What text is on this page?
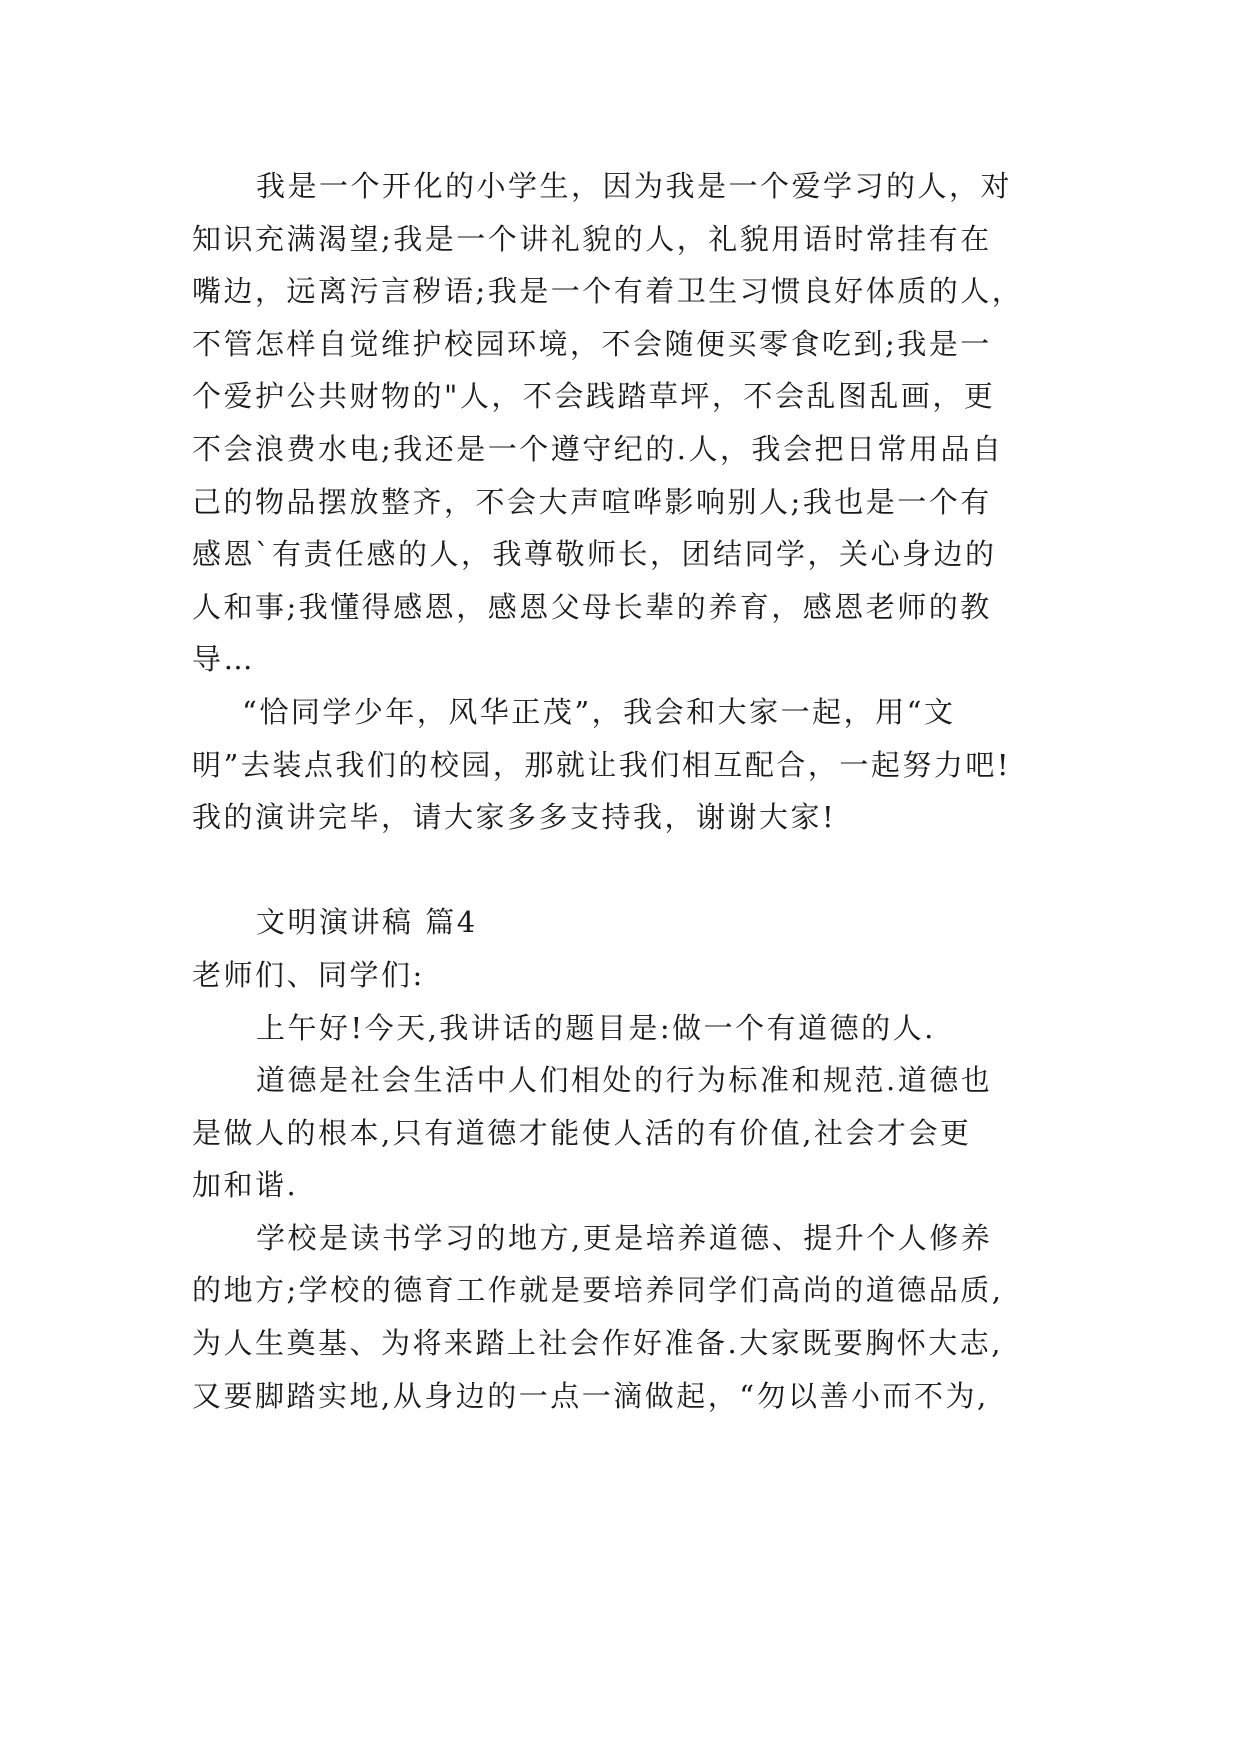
我是一个开化的小学生，因为我是一个爱学习的人，对
知识充满渴望;我是一个讲礼貌的人，礼貌用语时常挂有在
嘴边，远离污言秽语;我是一个有着卫生习惯良好体质的人，
不管怎样自觉维护校园环境，不会随便买零食吃到;我是一
个爱护公共财物的"人，不会践踏草坪，不会乱图乱画，更
不会浪费水电;我还是一个遵守纪的.人，我会把日常用品自
己的物品摆放整齐，不会大声喧哗影响别人;我也是一个有
感恩`有责任感的人，我尊敬师长，团结同学，关心身边的
人和事;我懂得感恩，感恩父母长辈的养育，感恩老师的教
导…
“恰同学少年，风华正茂”，我会和大家一起，用“文
明”去装点我们的校园，那就让我们相互配合，一起努力吧!
我的演讲完毕，请大家多多支持我，谢谢大家!
文明演讲稿 篇4
老师们、同学们:
上午好!今天,我讲话的题目是:做一个有道德的人.
道德是社会生活中人们相处的行为标准和规范.道德也
是做人的根本,只有道德才能使人活的有价值,社会才会更
加和谐.
学校是读书学习的地方,更是培养道德、提升个人修养
的地方;学校的德育工作就是要培养同学们高尚的道德品质,
为人生奠基、为将来踏上社会作好准备.大家既要胸怀大志,
又要脚踏实地,从身边的一点一滴做起，“勿以善小而不为,
